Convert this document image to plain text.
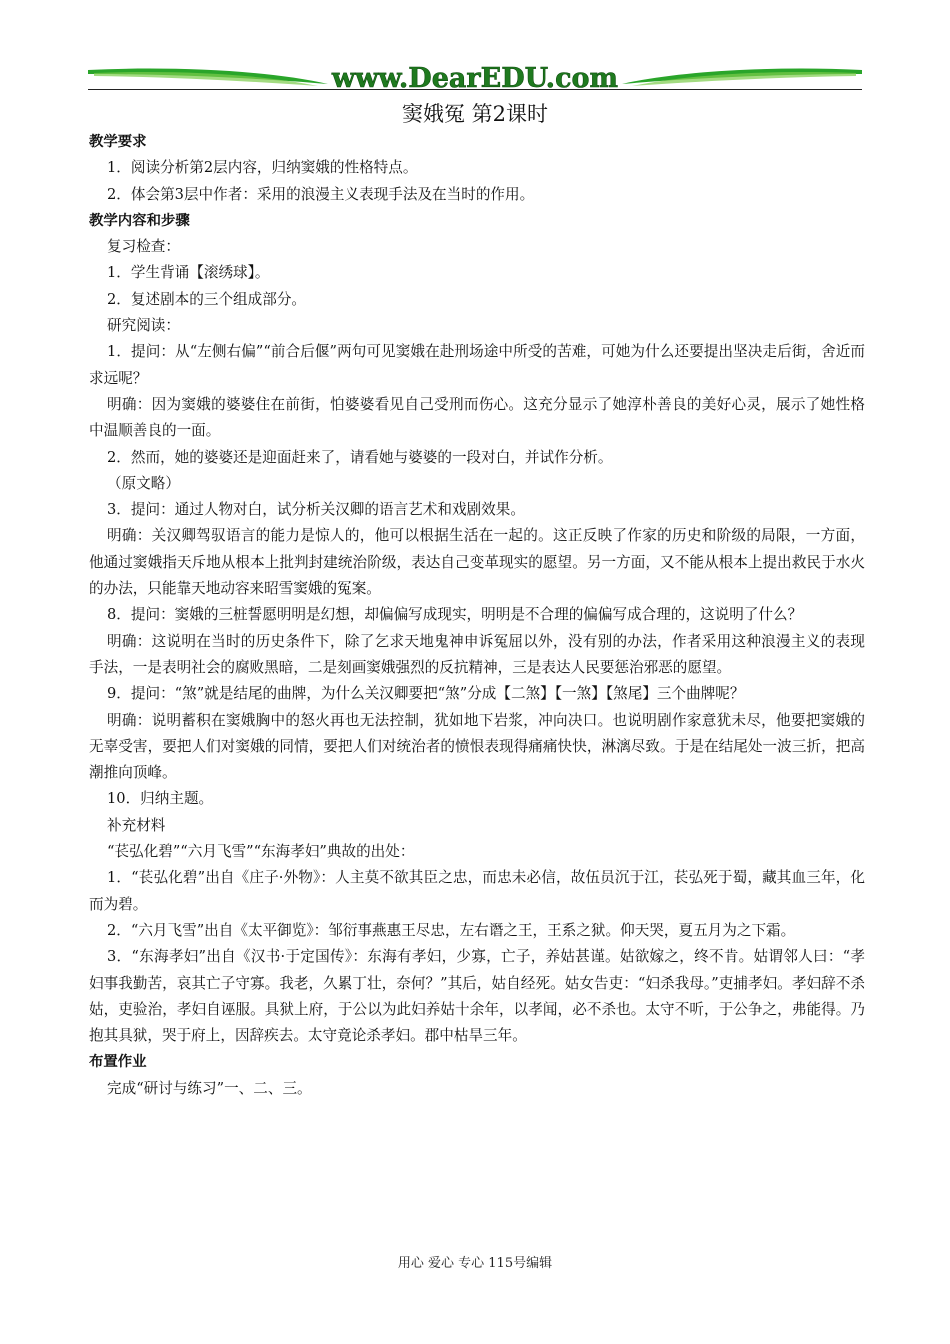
www.DearEDU.com
窦娥冤 第2课时

教学要求

1．阅读分析第2层内容，归纳窦娥的性格特点。

2．体会第3层中作者：采用的浪漫主义表现手法及在当时的作用。

教学内容和步骤

复习检查：

1．学生背诵【滚绣球】。

2．复述剧本的三个组成部分。

研究阅读：

1．提问：从“左侧右偏”“前合后偃”两句可见窦娥在赴刑场途中所受的苦难，可她为什么还要提出坚决走后街，舍近而求远呢？

明确：因为窦娥的婆婆住在前街，怕婆婆看见自己受刑而伤心。这充分显示了她淳朴善良的美好心灵，展示了她性格中温顺善良的一面。

2．然而，她的婆婆还是迎面赶来了，请看她与婆婆的一段对白，并试作分析。

（原文略）

3．提问：通过人物对白，试分析关汉卿的语言艺术和戏剧效果。

明确：关汉卿驾驭语言的能力是惊人的，他可以根据生活在一起的。这正反映了作家的历史和阶级的局限，一方面，他通过窦娥指天斥地从根本上批判封建统治阶级，表达自己变革现实的愿望。另一方面，又不能从根本上提出救民于水火的办法，只能靠天地动容来昭雪窦娥的冤案。

8．提问：窦娥的三桩誓愿明明是幻想，却偏偏写成现实，明明是不合理的偏偏写成合理的，这说明了什么？

明确：这说明在当时的历史条件下，除了乞求天地鬼神申诉冤屈以外，没有别的办法，作者采用这种浪漫主义的表现手法，一是表明社会的腐败黑暗，二是刻画窦娥强烈的反抗精神，三是表达人民要惩治邪恶的愿望。

9．提问：“煞”就是结尾的曲牌，为什么关汉卿要把“煞”分成【二煞】【一煞】【煞尾】三个曲牌呢？

明确：说明蓄积在窦娥胸中的怒火再也无法控制，犹如地下岩浆，冲向决口。也说明剧作家意犹未尽，他要把窦娥的无辜受害，要把人们对窦娥的同情，要把人们对统治者的愤恨表现得痛痛快快，淋漓尽致。于是在结尾处一波三折，把高潮推向顶峰。

10．归纳主题。

补充材料

“苌弘化碧”“六月飞雪”“东海孝妇”典故的出处：

1．“苌弘化碧”出自《庄子·外物》：人主莫不欲其臣之忠，而忠未必信，故伍员沉于江，苌弘死于蜀，藏其血三年，化而为碧。

2．“六月飞雪”出自《太平御览》：邹衍事燕惠王尽忠，左右谮之王，王系之狱。仰天哭，夏五月为之下霜。

3．“东海孝妇”出自《汉书·于定国传》：东海有孝妇，少寡，亡子，养姑甚谨。姑欲嫁之，终不肯。姑谓邻人曰：“孝妇事我勤苦，哀其亡子守寡。我老，久累丁壮，奈何？”其后，姑自经死。姑女告吏：“妇杀我母。”吏捕孝妇。孝妇辞不杀姑，吏验治，孝妇自诬服。具狱上府，于公以为此妇养姑十余年，以孝闻，必不杀也。太守不听，于公争之，弗能得。乃抱其具狱，哭于府上，因辞疾去。太守竟论杀孝妇。郡中枯旱三年。

布置作业

完成“研讨与练习”一、二、三。

用心 爱心 专心 115号编辑
